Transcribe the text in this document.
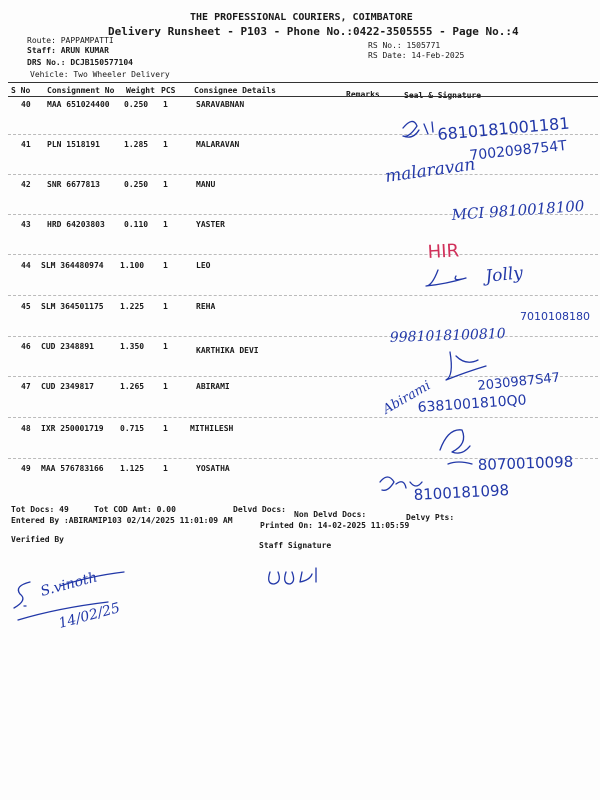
THE PROFESSIONAL COURIERS, COIMBATORE
Delivery Runsheet - P103 - Phone No.:0422-3505555 - Page No.:4
Route: PAPPAMPATTI
Staff: ARUN KUMAR
DRS No.: DCJB150577104
Vehicle: Two Wheeler Delivery
RS No.: 1505771
RS Date: 14-Feb-2025
S No Consignment No Weight PCS Consignee Details	Remarks	Seal & Signature
40 MAA 651024400 0.250 1	SARAVABNAN
41 PLN 1518191	1.285 1	MALARAVAN
42 SNR 6677813	0.250 1	MANU
43 HRD 64203803 0.110 1	YASTER
44 SLM 364480974 1.100 1	LEO
45 SLM 364501175 1.225 1	REHA
46 CUD 2348891	1.350 1	KARTHIKA DEVI
47 CUD 2349817	1.265 1	ABIRAMI
48 IXR 250001719 0.715 1	MITHILESH
49 MAA 576783166 1.125 1	YOSATHA
6810181001181
7002098754T
malaravan
MCI 9810018100
HIR
Jolly
7010108180
9981018100810
2030987S47
Abirami
6381001810Q0
8070010098
8100181098
S.vinoth
14/02/25
Tot Docs: 49	Tot COD Amt: 0.00	Delvd Docs:
Non Delvd Docs:	Delvy Pts:
Entered By :ABIRAMIP103 02/14/2025 11:01:09 AM
Printed On: 14-02-2025 11:05:59
Verified By
Staff Signature
